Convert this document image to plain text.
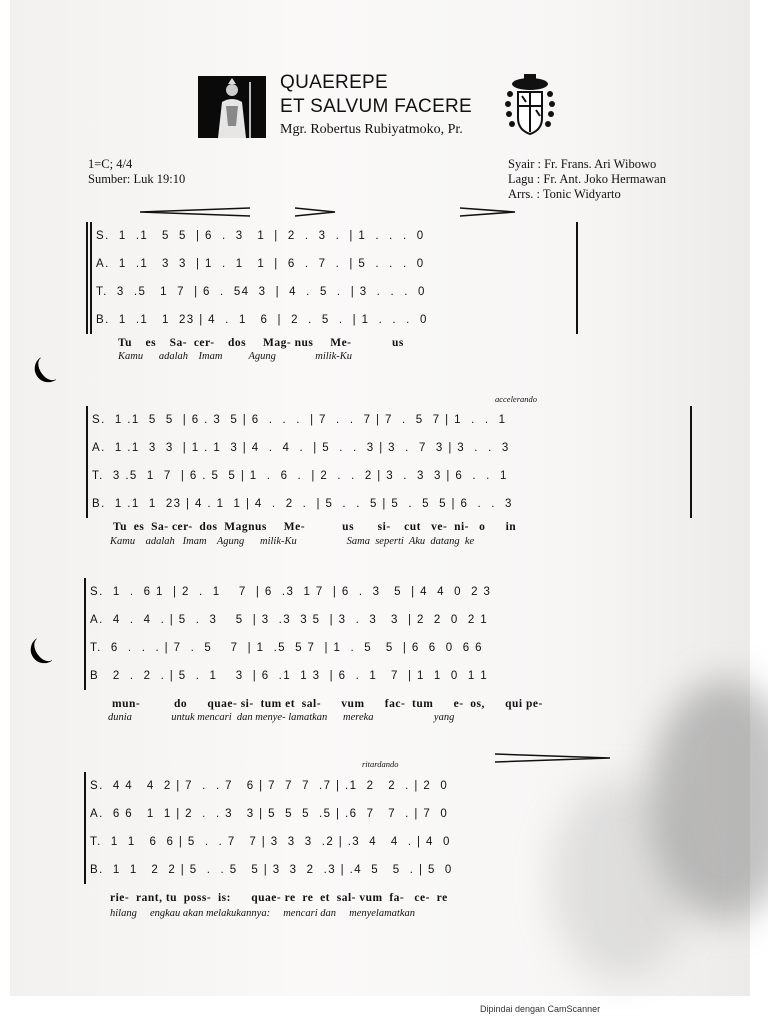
QUAEREРЕ
ET SALVUM FACERE
Mgr. Robertus Rubiyatmoko, Pr.
1=C; 4/4
Sumber: Luk 19:10
Syair : Fr. Frans. Ari Wibowo
Lagu : Fr. Ant. Joko Hermawan
Arrs. : Tonic Widyarto
S.  1  .1   5  5  | 6  .  3   1  |  2  .  3  .  | 1  .  .  .  0
A.  1  .1   3  3  | 1  .  1   1  |  6  .  7  .  | 5  .  .  .  0
T.  3  .5   1  7  | 6  .  54  3  |  4  .  5  .  | 3  .  .  .  0
B.  1  .1   1  23 | 4  .  1   6  |  2  .  5  .  | 1  .  .  .  0
Tu    es    Sa-  cer-    dos     Mag- nus     Me-            us
Kamu      adalah    Imam          Agung               milik-Ku
❨
accelerando
S.  1 .1  5  5  | 6 . 3  5 | 6  .  .  .  | 7  .  .  7 | 7  .  5  7 | 1  .  .  1
A.  1 .1  3  3  | 1 . 1  3 | 4  .  4  .  | 5  .  .  3 | 3  .  7  3 | 3  .  .  3
T.  3 .5  1  7  | 6 . 5  5 | 1  .  6  .  | 2  .  .  2 | 3  .  3  3 | 6  .  .  1
B.  1 .1  1  23 | 4 . 1  1 | 4  .  2  .  | 5  .  .  5 | 5  .  5  5 | 6  .  .  3
Tu  es  Sa- cer-  dos  Magnus     Me-           us       si-    cut   ve-  ni-   o      in
Kamu    adalah   Imam    Agung      milik-Ku                   Sama  seperti  Aku  datang  ke
S.  1  .  6 1  | 2  .  1    7  | 6  .3  1 7  | 6  .  3   5  | 4  4  0  2 3
A.  4  .  4  . | 5  .  3    5  | 3  .3  3 5  | 3  .  3   3  | 2  2  0  2 1
T.  6  .  .  . | 7  .  5    7  | 1  .5  5 7  | 1  .  5   5  | 6  6  0  6 6
B   2  .  2  . | 5  .  1    3  | 6  .1  1 3  | 6  .  1   7  | 1  1  0  1 1
mun-          do      quae- si-  tum et  sal-      vum      fac-  tum      e-  os,      qui pe-
dunia               untuk mencari  dan menye- lamatkan      mereka                       yang
❨
ritardando
S.  4 4   4  2 | 7  .  . 7   6 | 7  7  7  .7 | .1  2   2  . | 2  0
A.  6 6   1  1 | 2  .  . 3   3 | 5  5  5  .5 | .6  7   7  . | 7  0
T.  1  1   6  6 | 5  .  . 7   7 | 3  3  3  .2 | .3  4   4  . | 4  0
B.  1  1   2  2 | 5  .  . 5   5 | 3  3  2  .3 | .4  5   5  . | 5  0
rie-  rant, tu  poss-  is:      quae- re  re  et  sal- vum  fa-   ce-  re
hilang     engkau akan melakukannya:     mencari dan     menyelamatkan
Dipindai dengan CamScanner
